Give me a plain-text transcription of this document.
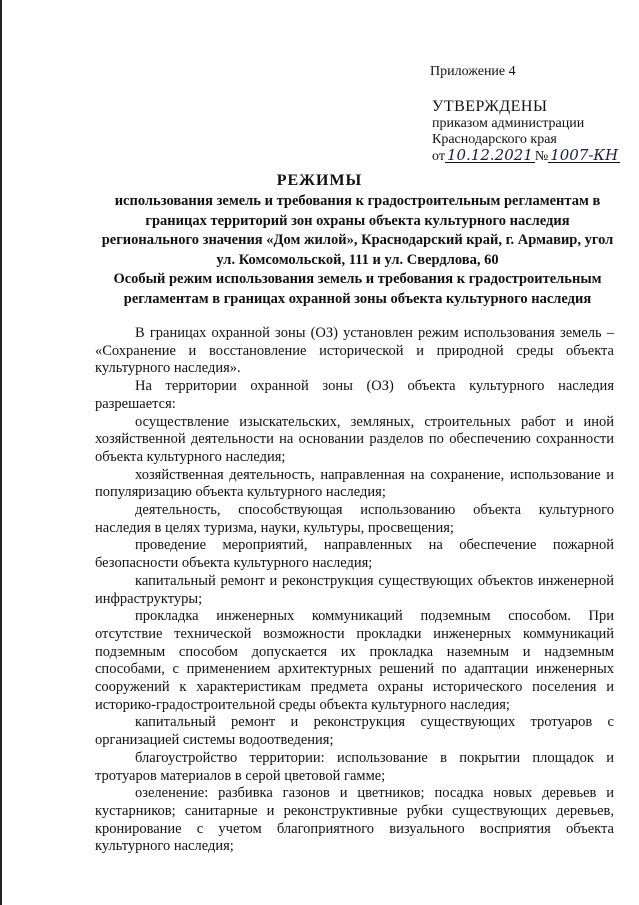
Приложение 4
УТВЕРЖДЕНЫ
приказом администрации
Краснодарского края
от 10.12.2021 № 1007-КН
РЕЖИМЫ
использования земель и требования к градостроительным регламентам в границах территорий зон охраны объекта культурного наследия регионального значения «Дом жилой», Краснодарский край, г. Армавир, угол ул. Комсомольской, 111 и ул. Свердлова, 60
Особый режим использования земель и требования к градостроительным регламентам в границах охранной зоны объекта культурного наследия

В границах охранной зоны (ОЗ) установлен режим использования земель – «Сохранение и восстановление исторической и природной среды объекта культурного наследия».

На территории охранной зоны (ОЗ) объекта культурного наследия разрешается:

осуществление изыскательских, земляных, строительных работ и иной хозяйственной деятельности на основании разделов по обеспечению сохранности объекта культурного наследия;

хозяйственная деятельность, направленная на сохранение, использование и популяризацию объекта культурного наследия;

деятельность, способствующая использованию объекта культурного наследия в целях туризма, науки, культуры, просвещения;

проведение мероприятий, направленных на обеспечение пожарной безопасности объекта культурного наследия;

капитальный ремонт и реконструкция существующих объектов инженерной инфраструктуры;

прокладка инженерных коммуникаций подземным способом. При отсутствие технической возможности прокладки инженерных коммуникаций подземным способом допускается их прокладка наземным и надземным способами, с применением архитектурных решений по адаптации инженерных сооружений к характеристикам предмета охраны исторического поселения и историко-градостроительной среды объекта культурного наследия;

капитальный ремонт и реконструкция существующих тротуаров с организацией системы водоотведения;

благоустройство территории: использование в покрытии площадок и тротуаров материалов в серой цветовой гамме;

озеленение: разбивка газонов и цветников; посадка новых деревьев и кустарников; санитарные и реконструктивные рубки существующих деревьев, кронирование с учетом благоприятного визуального восприятия объекта культурного наследия;
